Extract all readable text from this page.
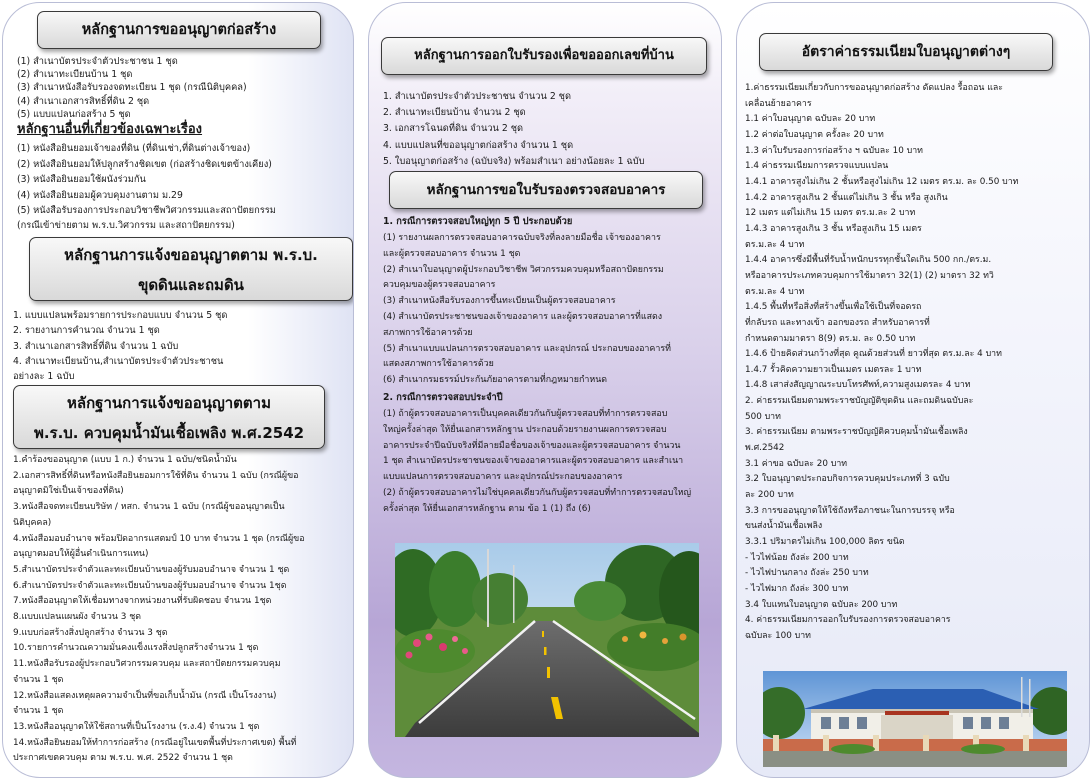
หลักฐานการขออนุญาตก่อสร้าง
(1) สำเนาบัตรประจำตัวประชาชน 1 ชุด
(2) สำเนาทะเบียนบ้าน 1 ชุด
(3) สำเนาหนังสือรับรองจดทะเบียน 1 ชุด (กรณีนิติบุคคล)
(4) สำเนาเอกสารสิทธิ์ที่ดิน 2 ชุด
(5) แบบแปลนก่อสร้าง 5 ชุด
หลักฐานอื่นที่เกี่ยวข้องเฉพาะเรื่อง
(1) หนังสือยินยอมเจ้าของที่ดิน (ที่ดินเช่า,ที่ดินต่างเจ้าของ)
(2) หนังสือยินยอมให้ปลูกสร้างชิดเขต (ก่อสร้างชิดเขตข้างเคียง)
(3) หนังสือยินยอมใช้ผนังร่วมกัน
(4) หนังสือยินยอมผู้ควบคุมงานตาม ม.29
(5) หนังสือรับรองการประกอบวิชาชีพวิศวกรรมและสถาปัตยกรรม
(กรณีเข้าข่ายตาม พ.ร.บ.วิศวกรรม และสถาปัตยกรรม)
หลักฐานการแจ้งขออนุญาตตาม พ.ร.บ.
ขุดดินและถมดิน
1. แบบแปลนพร้อมรายการประกอบแบบ จำนวน 5 ชุด
2. รายงานการคำนวณ จำนวน 1 ชุด
3. สำเนาเอกสารสิทธิ์ที่ดิน จำนวน 1 ฉบับ
4. สำเนาทะเบียนบ้าน,สำเนาบัตรประจำตัวประชาชน
อย่างละ 1 ฉบับ
หลักฐานการแจ้งขออนุญาตตาม
พ.ร.บ. ควบคุมน้ำมันเชื้อเพลิง พ.ศ.2542
1.คำร้องขออนุญาต (แบบ 1 ก.) จำนวน 1 ฉบับ/ชนิดน้ำมัน
2.เอกสารสิทธิ์ที่ดินหรือหนังสือยินยอมการใช้ที่ดิน จำนวน 1 ฉบับ (กรณีผู้ขอ
อนุญาตมิใช่เป็นเจ้าของที่ดิน)
3.หนังสือจดทะเบียนบริษัท / หสก. จำนวน 1 ฉบับ (กรณีผู้ขออนุญาตเป็น
นิติบุคคล)
4.หนังสือมอบอำนาจ พร้อมปิดอากรแสตมป์ 10 บาท จำนวน 1 ชุด (กรณีผู้ขอ
อนุญาตมอบให้ผู้อื่นดำเนินการแทน)
5.สำเนาบัตรประจำตัวและทะเบียนบ้านของผู้รับมอบอำนาจ จำนวน 1 ชุด
6.สำเนาบัตรประจำตัวและทะเบียนบ้านของผู้รับมอบอำนาจ จำนวน 1ชุด
7.หนังสืออนุญาตให้เชื่อมทางจากหน่วยงานที่รับผิดชอบ จำนวน 1ชุด
8.แบบแปลนแผนผัง จำนวน 3 ชุด
9.แบบก่อสร้างสิ่งปลูกสร้าง จำนวน 3 ชุด
10.รายการคำนวณความมั่นคงแข็งแรงสิ่งปลูกสร้างจำนวน 1 ชุด
11.หนังสือรับรองผู้ประกอบวิศวกรรมควบคุม และสถาปัตยกรรมควบคุม
จำนวน 1 ชุด
12.หนังสือแสดงเหตุผลความจำเป็นที่ขอเก็บน้ำมัน (กรณี เป็นโรงงาน)
จำนวน 1 ชุด
13.หนังสืออนุญาตให้ใช้สถานที่เป็นโรงงาน (ร.ง.4) จำนวน 1 ชุด
14.หนังสือยินยอมให้ทำการก่อสร้าง (กรณีอยู่ในเขตพื้นที่ประกาศเขต) พื้นที่
ประกาศเขตควบคุม ตาม พ.ร.บ. พ.ศ. 2522 จำนวน 1 ชุด
หลักฐานการออกใบรับรองเพื่อขอออกเลขที่บ้าน
1. สำเนาบัตรประจำตัวประชาชน จำนวน 2 ชุด
2. สำเนาทะเบียนบ้าน จำนวน 2 ชุด
3. เอกสารโฉนดที่ดิน จำนวน 2 ชุด
4. แบบแปลนที่ขออนุญาตก่อสร้าง จำนวน 1 ชุด
5. ใบอนุญาตก่อสร้าง (ฉบับจริง) พร้อมสำเนา อย่างน้อยละ 1 ฉบับ
หลักฐานการขอใบรับรองตรวจสอบอาคาร
1. กรณีการตรวจสอบใหญ่ทุก 5 ปี ประกอบด้วย
(1) รายงานผลการตรวจสอบอาคารฉบับจริงที่ลงลายมือชื่อ เจ้าของอาคาร
และผู้ตรวจสอบอาคาร จำนวน 1 ชุด
(2) สำเนาใบอนุญาตผู้ประกอบวิชาชีพ วิศวกรรมควบคุมหรือสถาปัตยกรรม
ควบคุมของผู้ตรวจสอบอาคาร
(3) สำเนาหนังสือรับรองการขึ้นทะเบียนเป็นผู้ตรวจสอบอาคาร
(4) สำเนาบัตรประชาชนของเจ้าของอาคาร และผู้ตรวจสอบอาคารที่แสดง
สภาพการใช้อาคารด้วย
(5) สำเนาแบบแปลนการตรวจสอบอาคาร และอุปกรณ์ ประกอบของอาคารที่
แสดงสภาพการใช้อาคารด้วย
(6) สำเนากรมธรรม์ประกันภัยอาคารตามที่กฎหมายกำหนด
2. กรณีการตรวจสอบประจำปี
(1) ถ้าผู้ตรวจสอบอาคารเป็นบุคคลเดียวกันกับผู้ตรวจสอบที่ทำการตรวจสอบ
ใหญ่ครั้งล่าสุด ให้ยื่นเอกสารหลักฐาน ประกอบด้วยรายงานผลการตรวจสอบ
อาคารประจำปีฉบับจริงที่มีลายมือชื่อของเจ้าของและผู้ตรวจสอบอาคาร จำนวน
1 ชุด สำเนาบัตรประชาชนของเจ้าของอาคารและผู้ตรวจสอบอาคาร และสำเนา
แบบแปลนการตรวจสอบอาคาร และอุปกรณ์ประกอบของอาคาร
(2) ถ้าผู้ตรวจสอบอาคารไม่ใช่บุคคลเดียวกันกับผู้ตรวจสอบที่ทำการตรวจสอบใหญ่
ครั้งล่าสุด ให้ยื่นเอกสารหลักฐาน ตาม ข้อ 1 (1) ถึง (6)
อัตราค่าธรรมเนียมใบอนุญาตต่างๆ
1.ค่าธรรมเนียมเกี่ยวกับการขออนุญาตก่อสร้าง ดัดแปลง รื้อถอน และ
เคลื่อนย้ายอาคาร
1.1 ค่าใบอนุญาต ฉบับละ 20 บาท
1.2 ค่าต่อใบอนุญาต ครั้งละ 20 บาท
1.3 ค่าใบรับรองการก่อสร้าง ฯ ฉบับละ 10 บาท
1.4 ค่าธรรมเนียมการตรวจแบบแปลน
1.4.1 อาคารสูงไม่เกิน 2 ชั้นหรือสูงไม่เกิน 12 เมตร ตร.ม. ละ 0.50 บาท
1.4.2 อาคารสูงเกิน 2 ชั้นแต่ไม่เกิน 3 ชั้น หรือ สูงเกิน
12 เมตร แต่ไม่เกิน 15 เมตร ตร.ม.ละ 2 บาท
1.4.3 อาคารสูงเกิน 3 ชั้น หรือสูงเกิน 15 เมตร
ตร.ม.ละ 4 บาท
1.4.4 อาคารซึ่งมีพื้นที่รับน้ำหนักบรรทุกชั้นใดเกิน 500 กก./ตร.ม.
หรืออาคารประเภทควบคุมการใช้มาตรา 32(1) (2) มาตรา 32 ทวิ
ตร.ม.ละ 4 บาท
1.4.5 พื้นที่หรือสิ่งที่สร้างขึ้นเพื่อใช้เป็นที่จอดรถ
ที่กลับรถ และทางเข้า ออกของรถ สำหรับอาคารที่
กำหนดตามมาตรา 8(9) ตร.ม. ละ 0.50 บาท
1.4.6 ป้ายคิดส่วนกว้างที่สุด คูณด้วยส่วนที่ ยาวที่สุด ตร.ม.ละ 4 บาท
1.4.7 รั้วคิดความยาวเป็นเมตร เมตรละ 1 บาท
1.4.8 เสาส่งสัญญาณระบบโทรศัพท์,ความสูงเมตรละ 4 บาท
2. ค่าธรรมเนียมตามพระราชบัญญัติขุดดิน และถมดินฉบับละ
500 บาท
3. ค่าธรรมเนียม ตามพระราชบัญญัติควบคุมน้ำมันเชื้อเพลิง
พ.ศ.2542
3.1 ค่าขอ ฉบับละ 20 บาท
3.2 ใบอนุญาตประกอบกิจการควบคุมประเภทที่ 3 ฉบับ
ละ 200 บาท
3.3 การขออนุญาตให้ใช้ถังหรือภาชนะในการบรรจุ หรือ
ขนส่งน้ำมันเชื้อเพลิง
3.3.1 ปริมาตรไม่เกิน 100,000 ลิตร ขนิด
- ไวไฟน้อย ถังล่ะ 200 บาท
- ไวไฟปานกลาง ถังล่ะ 250 บาท
- ไวไฟมาก ถังล่ะ 300 บาท
3.4 ใบแทนใบอนุญาต ฉบับละ 200 บาท
4. ค่าธรรมเนียมการออกใบรับรองการตรวจสอบอาคาร
ฉบับละ 100 บาท
